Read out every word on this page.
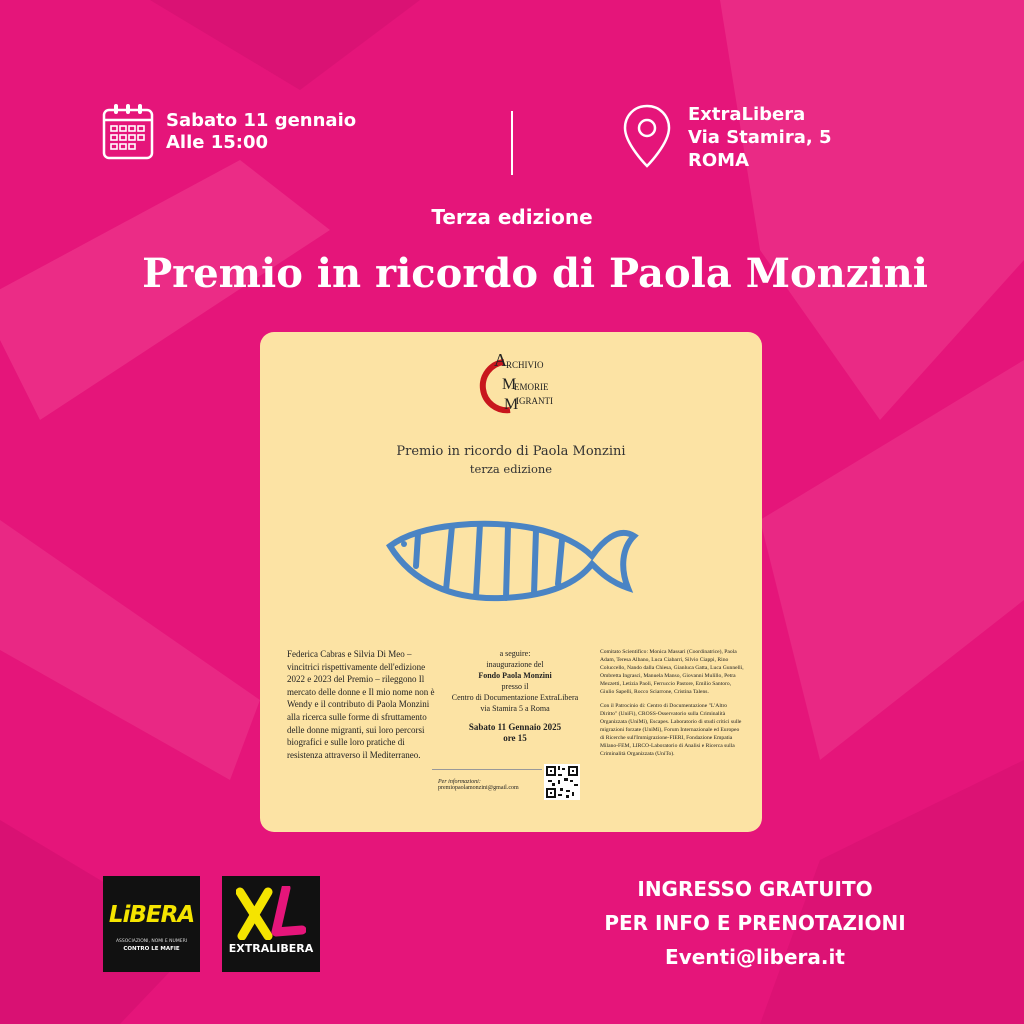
Sabato 11 gennaio
Alle 15:00
ExtraLibera
Via Stamira, 5
ROMA
Terza edizione
Premio in ricordo di Paola Monzini
A
M
M
RCHIVIO
EMORIE
IGRANTI
Premio in ricordo di Paola Monzini
terza edizione
Federica Cabras e Silvia Di Meo – vincitrici rispettivamente dell'edizione 2022 e 2023 del Premio – rileggono Il mercato delle donne e Il mio nome non è Wendy e il contributo di Paola Monzini alla ricerca sulle forme di sfruttamento delle donne migranti, sui loro percorsi biografici e sulle loro pratiche di resistenza attraverso il Mediterraneo.
a seguire:
inaugurazione del
Fondo Paola Monzini
presso il
Centro di Documentazione ExtraLibera
via Stamira 5 a Roma
Sabato 11 Gennaio 2025
ore 15
Per informazioni:
premiopaolamonzini@gmail.com
Comitato Scientifico: Monica Massari (Coordinatrice), Paola Adam, Teresa Albano, Luca Ciabarri, Silvio Ciappi, Rino Coluccello, Nando dalla Chiesa, Gianluca Gatta, Luca Gunnelli, Ombretta Ingrascì, Manuela Manso, Giovanni Mulillo, Petra Mezzetti, Letizia Paoli, Ferruccio Pastore, Emilio Santoro, Giulio Sapelli, Rocco Sciarrone, Cristina Talens.
Con il Patrocinio di: Centro di Documentazione "L'Altro Diritto" (UniFi), CROSS-Osservatorio sulla Criminalità Organizzata (UniMi), Escapes. Laboratorio di studi critici sulle migrazioni forzate (UniMi), Forum Internazionale ed Europeo di Ricerche sull'Immigrazione-FIERI, Fondazione Empatia Milano-FEM, LIRCO-Laboratorio di Analisi e Ricerca sulla Criminalità Organizzata (UniTo).
LiBERA
ASSOCIAZIONI, NOMI E NUMERI
CONTRO LE MAFIE	EXTRALIBERA
INGRESSO GRATUITO
PER INFO E PRENOTAZIONI
Eventi@libera.it
